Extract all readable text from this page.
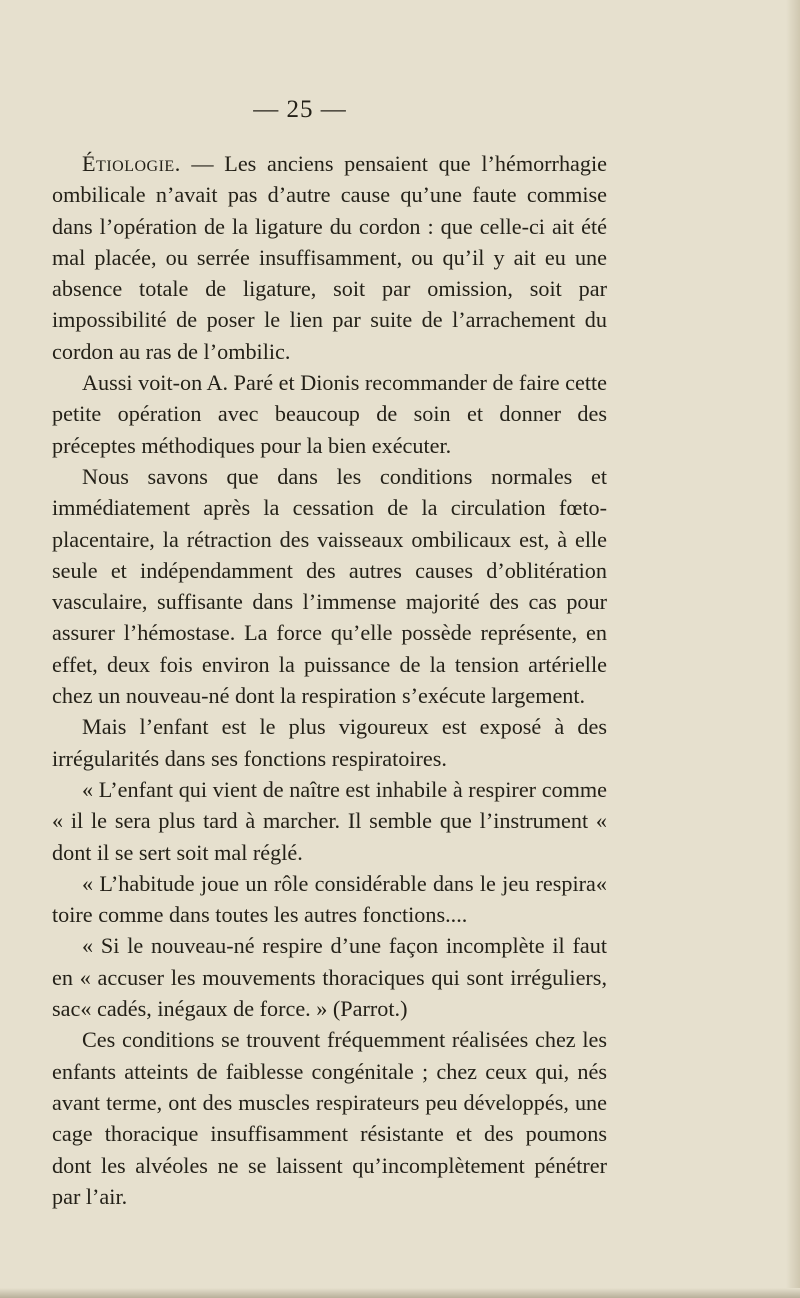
— 25 —

Étiologie. — Les anciens pensaient que l’hémorrhagie ombilicale n’avait pas d’autre cause qu’une faute commise dans l’opération de la ligature du cordon : que celle-ci ait été mal placée, ou serrée insuffisamment, ou qu’il y ait eu une absence totale de ligature, soit par omission, soit par impossibilité de poser le lien par suite de l’arrachement du cordon au ras de l’ombilic.

Aussi voit-on A. Paré et Dionis recommander de faire cette petite opération avec beaucoup de soin et donner des préceptes méthodiques pour la bien exécuter.

Nous savons que dans les conditions normales et immédiatement après la cessation de la circulation fœto-placentaire, la rétraction des vaisseaux ombilicaux est, à elle seule et indépendamment des autres causes d’oblitération vasculaire, suffisante dans l’immense majorité des cas pour assurer l’hémostase. La force qu’elle possède représente, en effet, deux fois environ la puissance de la tension artérielle chez un nouveau-né dont la respiration s’exécute largement.

Mais l’enfant est le plus vigoureux est exposé à des irrégularités dans ses fonctions respiratoires.

« L’enfant qui vient de naître est inhabile à respirer comme « il le sera plus tard à marcher. Il semble que l’instrument « dont il se sert soit mal réglé.

« L’habitude joue un rôle considérable dans le jeu respira« toire comme dans toutes les autres fonctions....

« Si le nouveau-né respire d’une façon incomplète il faut en « accuser les mouvements thoraciques qui sont irréguliers, sac« cadés, inégaux de force. » (Parrot.)

Ces conditions se trouvent fréquemment réalisées chez les enfants atteints de faiblesse congénitale ; chez ceux qui, nés avant terme, ont des muscles respirateurs peu développés, une cage thoracique insuffisamment résistante et des poumons dont les alvéoles ne se laissent qu’incomplètement pénétrer par l’air.
